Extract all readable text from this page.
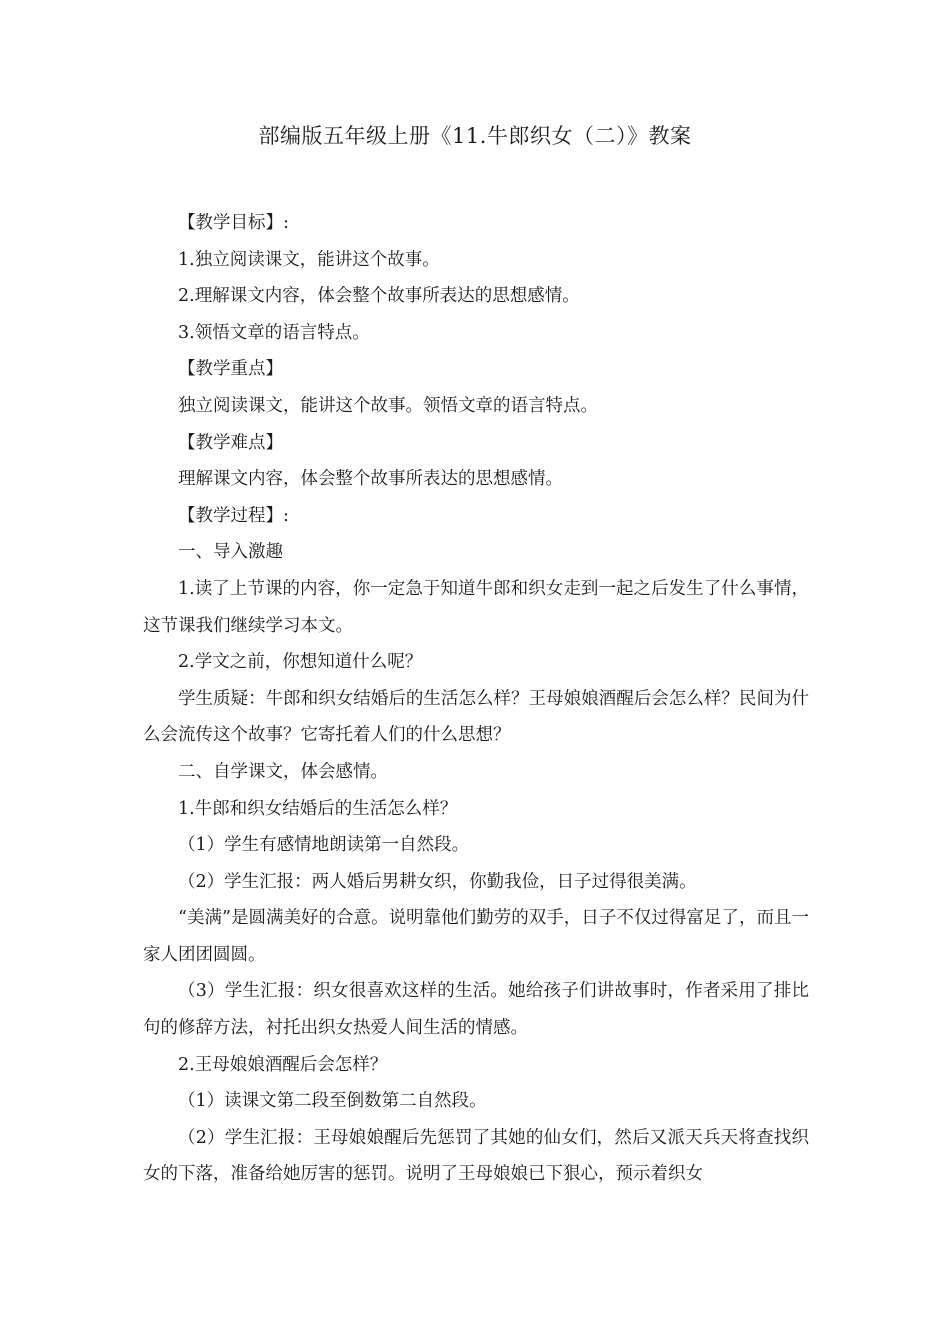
部编版五年级上册《11.牛郎织女（二）》教案

【教学目标】:

1.独立阅读课文，能讲这个故事。

2.理解课文内容，体会整个故事所表达的思想感情。

3.领悟文章的语言特点。

【教学重点】

独立阅读课文，能讲这个故事。领悟文章的语言特点。

【教学难点】

理解课文内容，体会整个故事所表达的思想感情。

【教学过程】:

一、导入激趣

1.读了上节课的内容，你一定急于知道牛郎和织女走到一起之后发生了什么事情，这节课我们继续学习本文。

2.学文之前，你想知道什么呢？

学生质疑：牛郎和织女结婚后的生活怎么样？王母娘娘酒醒后会怎么样？民间为什么会流传这个故事？它寄托着人们的什么思想？

二、自学课文，体会感情。

1.牛郎和织女结婚后的生活怎么样？

（1）学生有感情地朗读第一自然段。

（2）学生汇报：两人婚后男耕女织，你勤我俭，日子过得很美满。

“美满”是圆满美好的合意。说明靠他们勤劳的双手，日子不仅过得富足了，而且一家人团团圆圆。

（3）学生汇报：织女很喜欢这样的生活。她给孩子们讲故事时，作者采用了排比句的修辞方法，衬托出织女热爱人间生活的情感。

2.王母娘娘酒醒后会怎样？

（1）读课文第二段至倒数第二自然段。

（2）学生汇报：王母娘娘醒后先惩罚了其她的仙女们，然后又派天兵天将查找织女的下落，准备给她厉害的惩罚。说明了王母娘娘已下狠心，预示着织女
